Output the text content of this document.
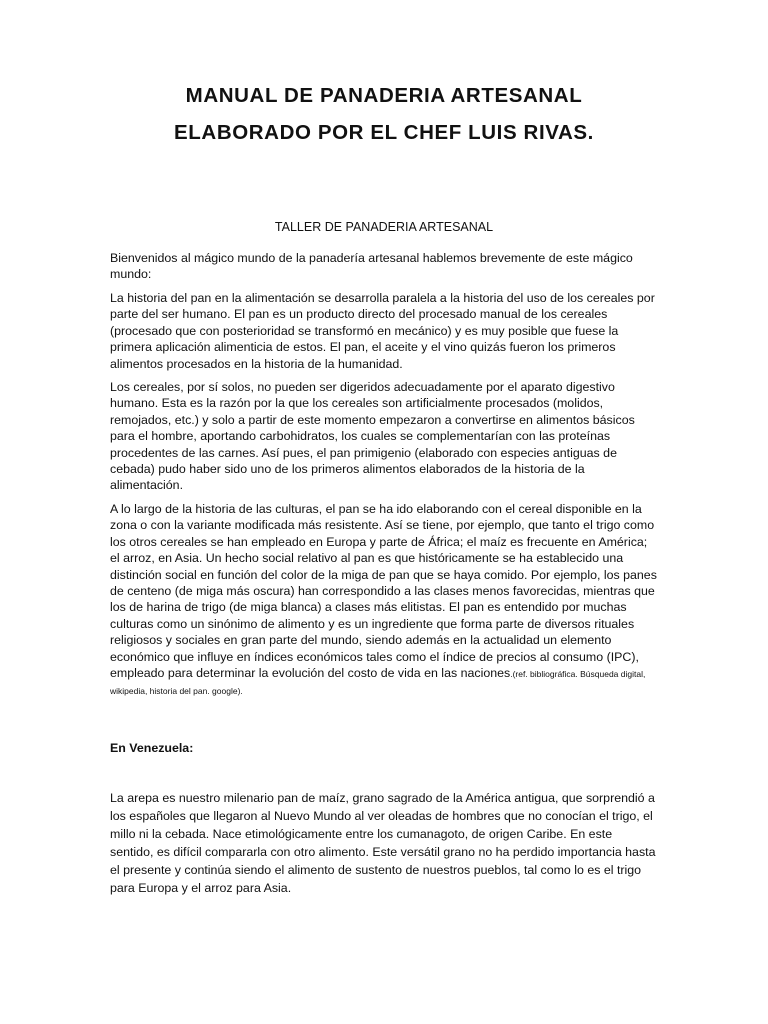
MANUAL DE PANADERIA ARTESANAL
ELABORADO POR EL CHEF LUIS RIVAS.
TALLER DE PANADERIA ARTESANAL

Bienvenidos al mágico mundo de la panadería artesanal hablemos brevemente de este mágico mundo:

La historia del pan en la alimentación se desarrolla paralela a la historia del uso de los cereales por parte del ser humano. El pan es un producto directo del procesado manual de los cereales (procesado que con posterioridad se transformó en mecánico) y es muy posible que fuese la primera aplicación alimenticia de estos. El pan, el aceite y el vino quizás fueron los primeros alimentos procesados en la historia de la humanidad.

Los cereales, por sí solos, no pueden ser digeridos adecuadamente por el aparato digestivo humano. Esta es la razón por la que los cereales son artificialmente procesados (molidos, remojados, etc.) y solo a partir de este momento empezaron a convertirse en alimentos básicos para el hombre, aportando carbohidratos, los cuales se complementarían con las proteínas procedentes de las carnes. Así pues, el pan primigenio (elaborado con especies antiguas de cebada) pudo haber sido uno de los primeros alimentos elaborados de la historia de la alimentación.

A lo largo de la historia de las culturas, el pan se ha ido elaborando con el cereal disponible en la zona o con la variante modificada más resistente. Así se tiene, por ejemplo, que tanto el trigo como los otros cereales se han empleado en Europa y parte de África; el maíz es frecuente en América; el arroz, en Asia. Un hecho social relativo al pan es que históricamente se ha establecido una distinción social en función del color de la miga de pan que se haya comido. Por ejemplo, los panes de centeno (de miga más oscura) han correspondido a las clases menos favorecidas, mientras que los de harina de trigo (de miga blanca) a clases más elitistas. El pan es entendido por muchas culturas como un sinónimo de alimento y es un ingrediente que forma parte de diversos rituales religiosos y sociales en gran parte del mundo, siendo además en la actualidad un elemento económico que influye en índices económicos tales como el índice de precios al consumo (IPC), empleado para determinar la evolución del costo de vida en las naciones.(ref. bibliográfica. Búsqueda digital, wikipedia, historia del pan. google).

En Venezuela:

La arepa es nuestro milenario pan de maíz, grano sagrado de la América antigua, que sorprendió a los españoles que llegaron al Nuevo Mundo al ver oleadas de hombres que no conocían el trigo, el millo ni la cebada. Nace etimológicamente entre los cumanagoto, de origen Caribe. En este sentido, es difícil compararla con otro alimento. Este versátil grano no ha perdido importancia hasta el presente y continúa siendo el alimento de sustento de nuestros pueblos, tal como lo es el trigo para Europa y el arroz para Asia.
